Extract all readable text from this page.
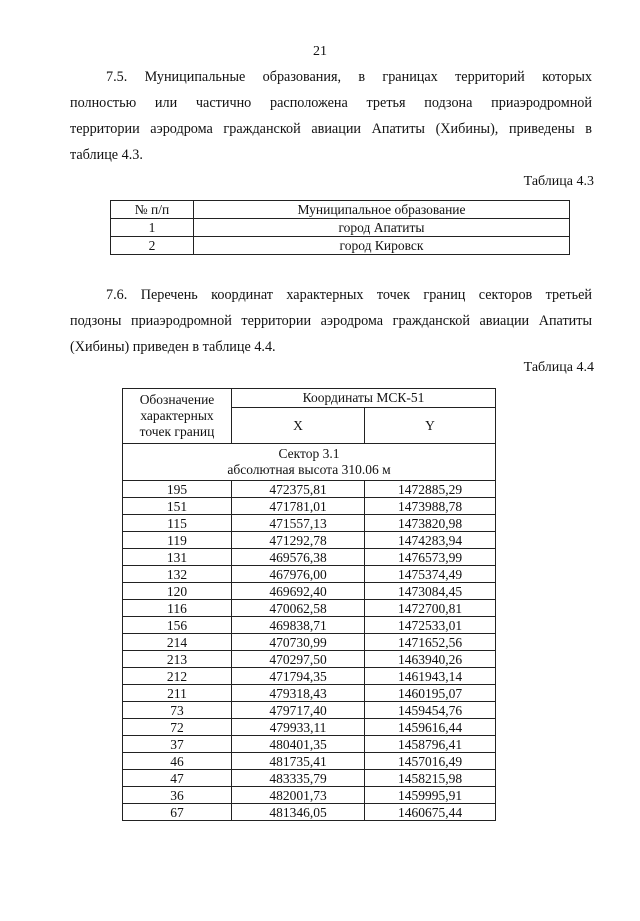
21

7.5. Муниципальные образования, в границах территорий которых
полностью или частично расположена третья подзона приаэродромной
территории аэродрома гражданской авиации Апатиты (Хибины), приведены в
таблице 4.3.

Таблица 4.3
№ п/п	Муниципальное образование
1	город Апатиты
2	город Кировск

7.6. Перечень координат характерных точек границ секторов третьей
подзоны приаэродромной территории аэродрома гражданской авиации Апатиты
(Хибины) приведен в таблице 4.4.

Таблица 4.4
Обозначение характерных точек границ	Координаты МСК-51	
	X	Y

Сектор 3.1
абсолютная высота 310.06 м		

195	472375,81	1472885,29
151	471781,01	1473988,78
115	471557,13	1473820,98
119	471292,78	1474283,94
131	469576,38	1476573,99
132	467976,00	1475374,49
120	469692,40	1473084,45
116	470062,58	1472700,81
156	469838,71	1472533,01
214	470730,99	1471652,56
213	470297,50	1463940,26
212	471794,35	1461943,14
211	479318,43	1460195,07
73	479717,40	1459454,76
72	479933,11	1459616,44
37	480401,35	1458796,41
46	481735,41	1457016,49
47	483335,79	1458215,98
36	482001,73	1459995,91
67	481346,05	1460675,44
